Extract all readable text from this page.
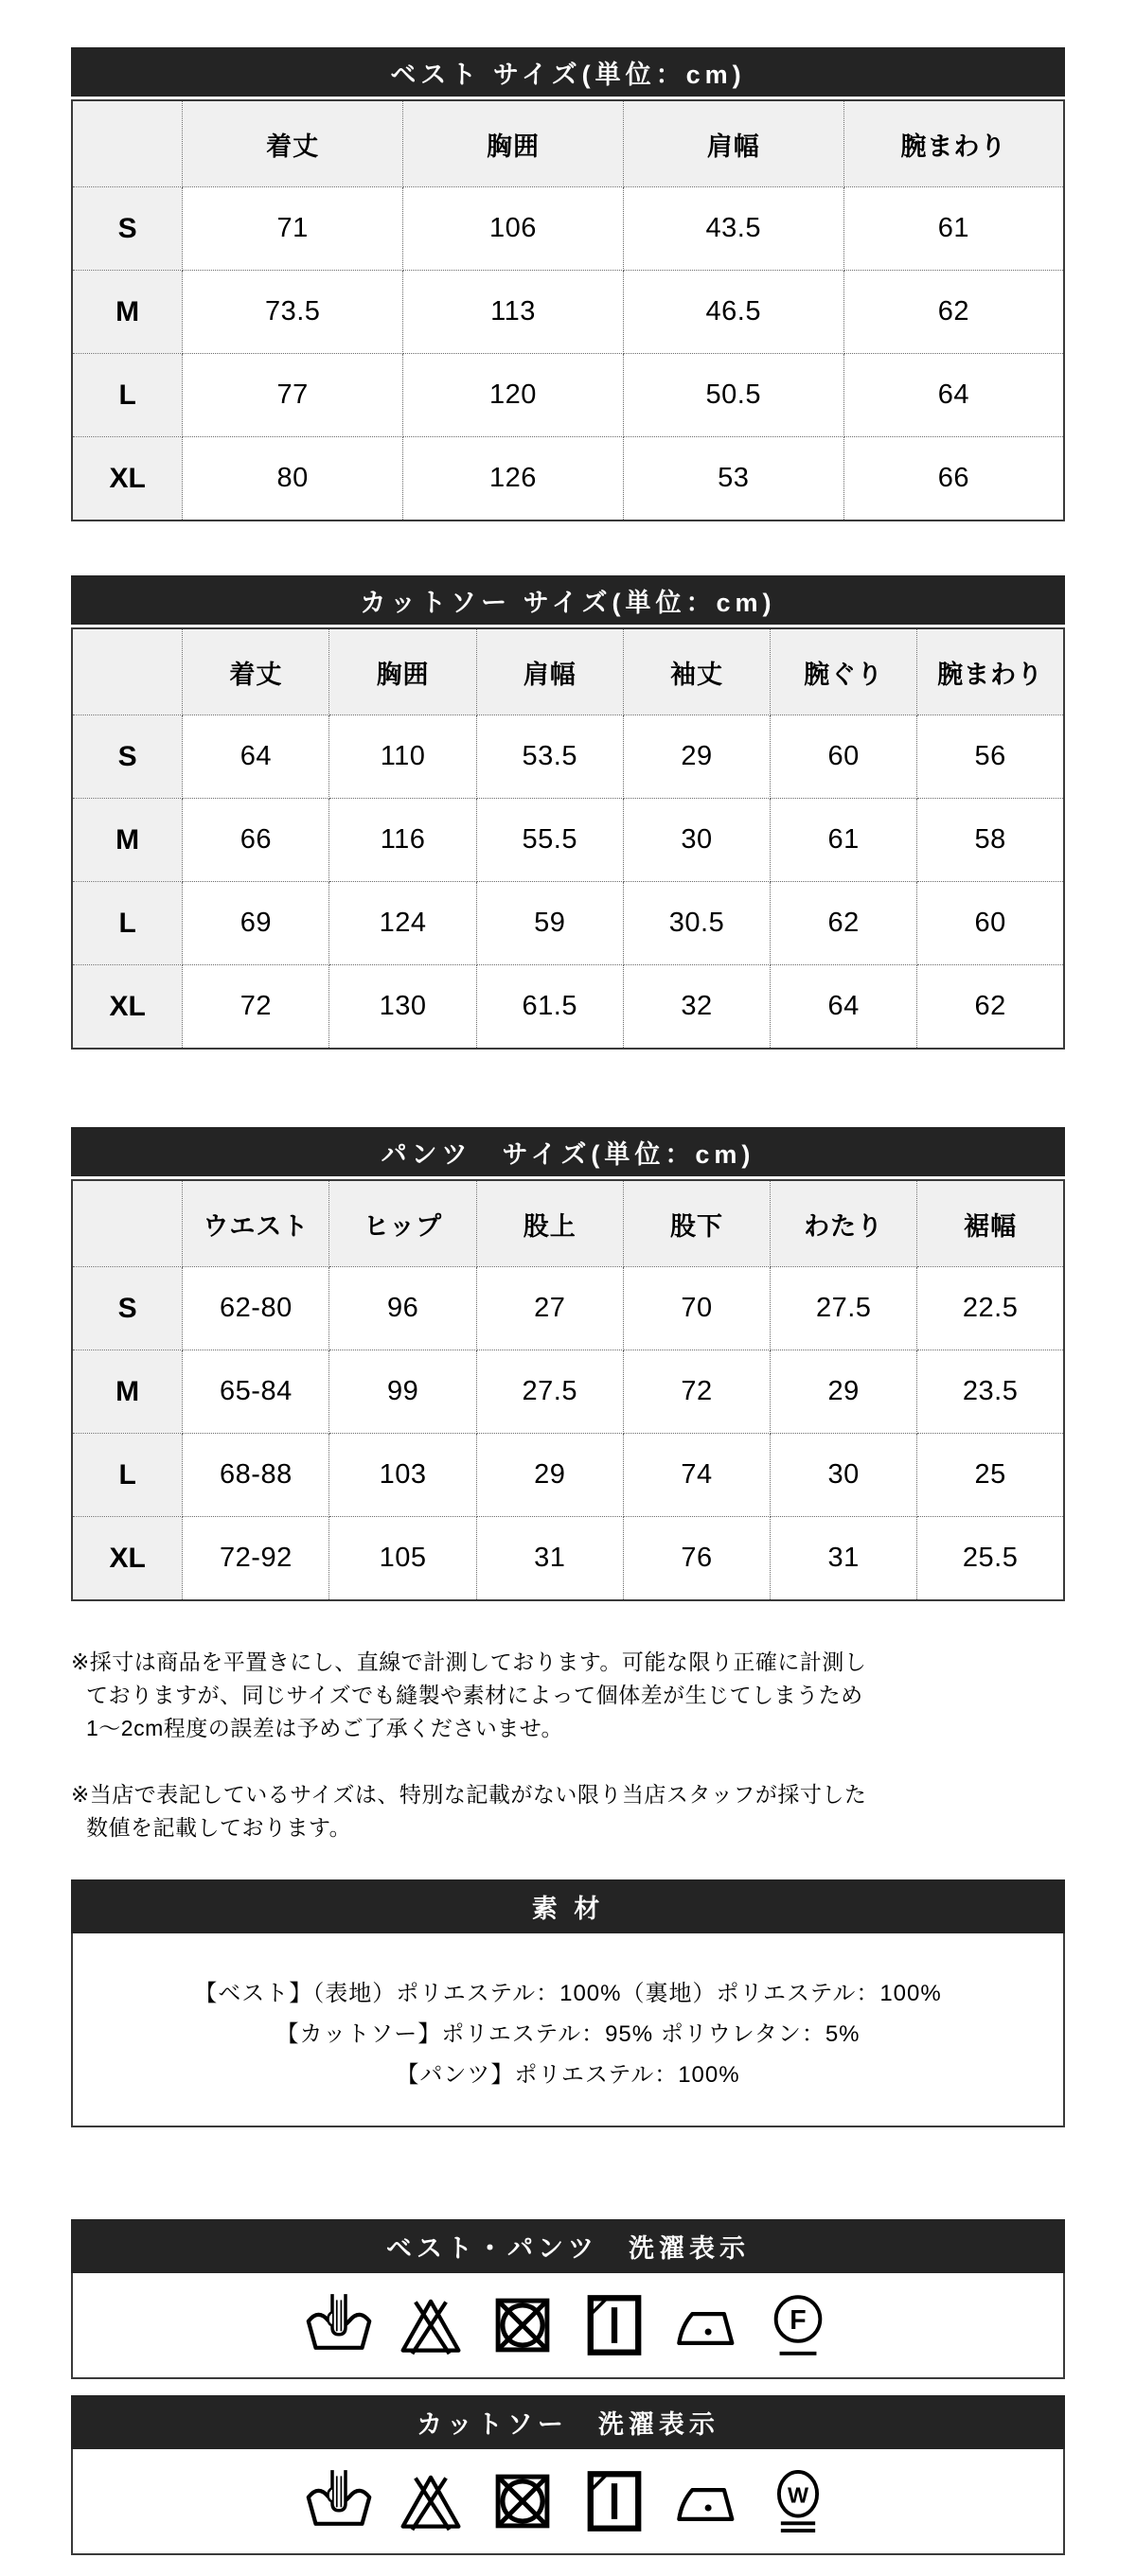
ベスト サイズ(単位：cm)
	着丈	胸囲	肩幅	腕まわり
S	71	106	43.5	61
M	73.5	113	46.5	62
L	77	120	50.5	64
XL	80	126	53	66
カットソー サイズ(単位：cm)
	着丈	胸囲	肩幅	袖丈	腕ぐり	腕まわり
S	64	110	53.5	29	60	56
M	66	116	55.5	30	61	58
L	69	124	59	30.5	62	60
XL	72	130	61.5	32	64	62
パンツ　サイズ(単位：cm)
	ウエスト	ヒップ	股上	股下	わたり	裾幅
S	62-80	96	27	70	27.5	22.5
M	65-84	99	27.5	72	29	23.5
L	68-88	103	29	74	30	25
XL	72-92	105	31	76	31	25.5

※採寸は商品を平置きにし、直線で計測しております。可能な限り正確に計測し

ておりますが、同じサイズでも縫製や素材によって個体差が生じてしまうため

1〜2cm程度の誤差は予めご了承くださいませ。

※当店で表記しているサイズは、特別な記載がない限り当店スタッフが採寸した

数値を記載しております。

素 材
【ベスト】（表地）ポリエステル：100%（裏地）ポリエステル：100%
【カットソー】ポリエステル：95% ポリウレタン：5%
【パンツ】ポリエステル：100%
ベスト・パンツ　洗濯表示
F
カットソー　洗濯表示
W
